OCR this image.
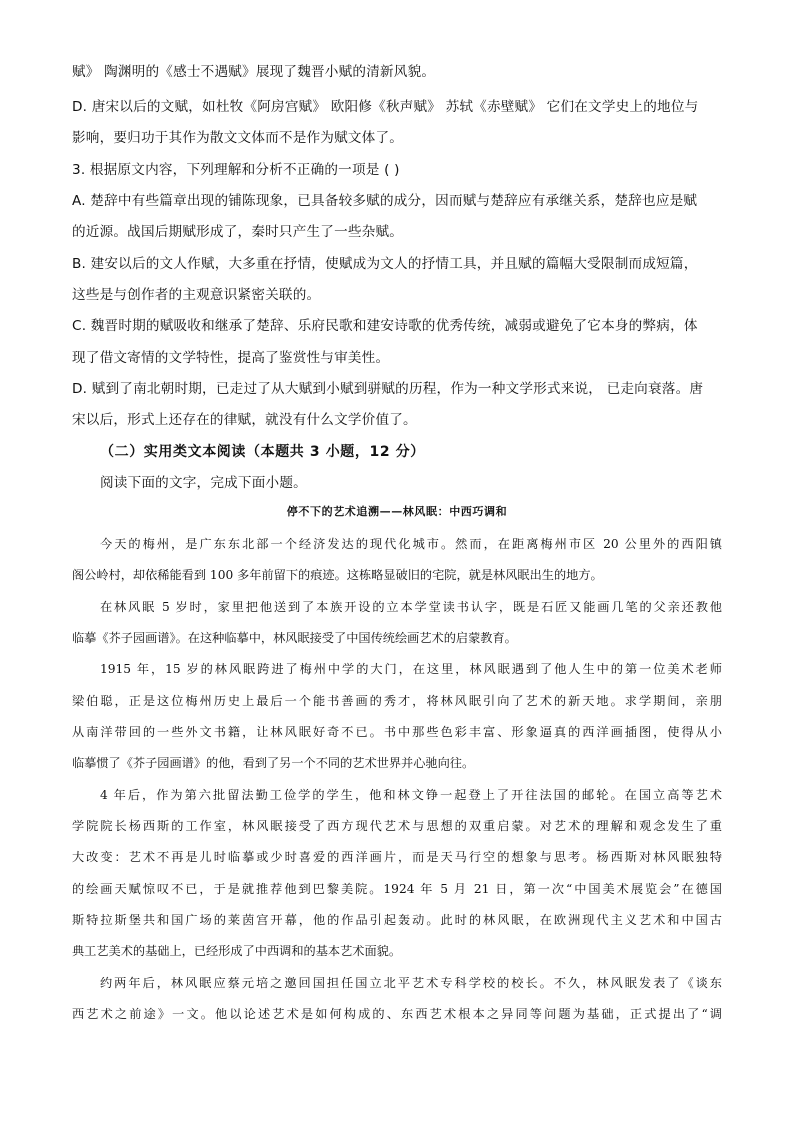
赋》 陶渊明的《感士不遇赋》展现了魏晋小赋的清新风貌。
D. 唐宋以后的文赋，如杜牧《阿房宫赋》 欧阳修《秋声赋》 苏轼《赤壁赋》 它们在文学史上的地位与
影响，要归功于其作为散文文体而不是作为赋文体了。
3. 根据原文内容，下列理解和分析不正确的一项是 ( )
A. 楚辞中有些篇章出现的铺陈现象，已具备较多赋的成分，因而赋与楚辞应有承继关系，楚辞也应是赋
的近源。战国后期赋形成了，秦时只产生了一些杂赋。
B. 建安以后的文人作赋，大多重在抒情，使赋成为文人的抒情工具，并且赋的篇幅大受限制而成短篇，
这些是与创作者的主观意识紧密关联的。
C. 魏晋时期的赋吸收和继承了楚辞、乐府民歌和建安诗歌的优秀传统，减弱或避免了它本身的弊病，体
现了借文寄情的文学特性，提高了鉴赏性与审美性。
D. 赋到了南北朝时期，已走过了从大赋到小赋到骈赋的历程，作为一种文学形式来说， 已走向衰落。唐
宋以后，形式上还存在的律赋，就没有什么文学价值了。
（二）实用类文本阅读（本题共 3 小题，12 分）
阅读下面的文字，完成下面小题。
停不下的艺术追溯——林风眠：中西巧调和
今天的梅州，是广东东北部一个经济发达的现代化城市。然而，在距离梅州市区 20 公里外的西阳镇
阁公岭村，却依稀能看到 100 多年前留下的痕迹。这栋略显破旧的宅院，就是林风眠出生的地方。
在林风眠 5 岁时，家里把他送到了本族开设的立本学堂读书认字，既是石匠又能画几笔的父亲还教他
临摹《芥子园画谱》。在这种临摹中，林风眠接受了中国传统绘画艺术的启蒙教育。
1915 年，15 岁的林风眠跨进了梅州中学的大门，在这里，林风眠遇到了他人生中的第一位美术老师
梁伯聪，正是这位梅州历史上最后一个能书善画的秀才，将林风眠引向了艺术的新天地。求学期间，亲朋
从南洋带回的一些外文书籍，让林风眠好奇不已。书中那些色彩丰富、形象逼真的西洋画插图，使得从小
临摹惯了《芥子园画谱》的他，看到了另一个不同的艺术世界并心驰向往。
4 年后，作为第六批留法勤工俭学的学生，他和林文铮一起登上了开往法国的邮轮。在国立高等艺术
学院院长杨西斯的工作室，林风眠接受了西方现代艺术与思想的双重启蒙。对艺术的理解和观念发生了重
大改变：艺术不再是儿时临摹或少时喜爱的西洋画片，而是天马行空的想象与思考。杨西斯对林风眠独特
的绘画天赋惊叹不已，于是就推荐他到巴黎美院。1924 年 5 月 21 日，第一次“中国美术展览会”在德国
斯特拉斯堡共和国广场的莱茵宫开幕，他的作品引起轰动。此时的林风眠，在欧洲现代主义艺术和中国古
典工艺美术的基础上，已经形成了中西调和的基本艺术面貌。
约两年后，林风眠应蔡元培之邀回国担任国立北平艺术专科学校的校长。不久，林风眠发表了《谈东
西艺术之前途》一文。他以论述艺术是如何构成的、东西艺术根本之异同等问题为基础，正式提出了“调
